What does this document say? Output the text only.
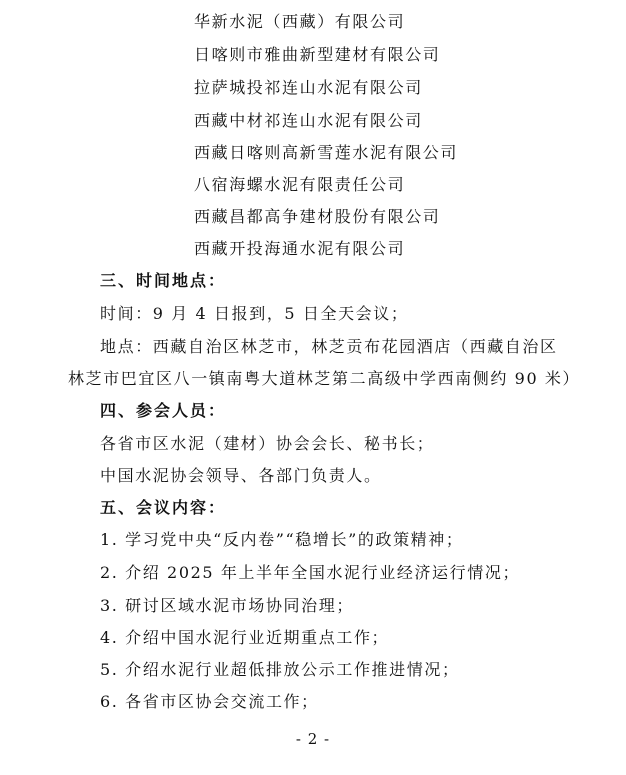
华新水泥（西藏）有限公司
日喀则市雅曲新型建材有限公司
拉萨城投祁连山水泥有限公司
西藏中材祁连山水泥有限公司
西藏日喀则高新雪莲水泥有限公司
八宿海螺水泥有限责任公司
西藏昌都高争建材股份有限公司
西藏开投海通水泥有限公司
三、时间地点：
时间：9 月 4 日报到，5 日全天会议；
地点：西藏自治区林芝市，林芝贡布花园酒店（西藏自治区
林芝市巴宜区八一镇南粤大道林芝第二高级中学西南侧约 90 米）
四、参会人员：
各省市区水泥（建材）协会会长、秘书长；
中国水泥协会领导、各部门负责人。
五、会议内容：
1. 学习党中央“反内卷”“稳增长”的政策精神；
2. 介绍 2025 年上半年全国水泥行业经济运行情况；
3. 研讨区域水泥市场协同治理；
4. 介绍中国水泥行业近期重点工作；
5. 介绍水泥行业超低排放公示工作推进情况；
6. 各省市区协会交流工作；
- 2 -
